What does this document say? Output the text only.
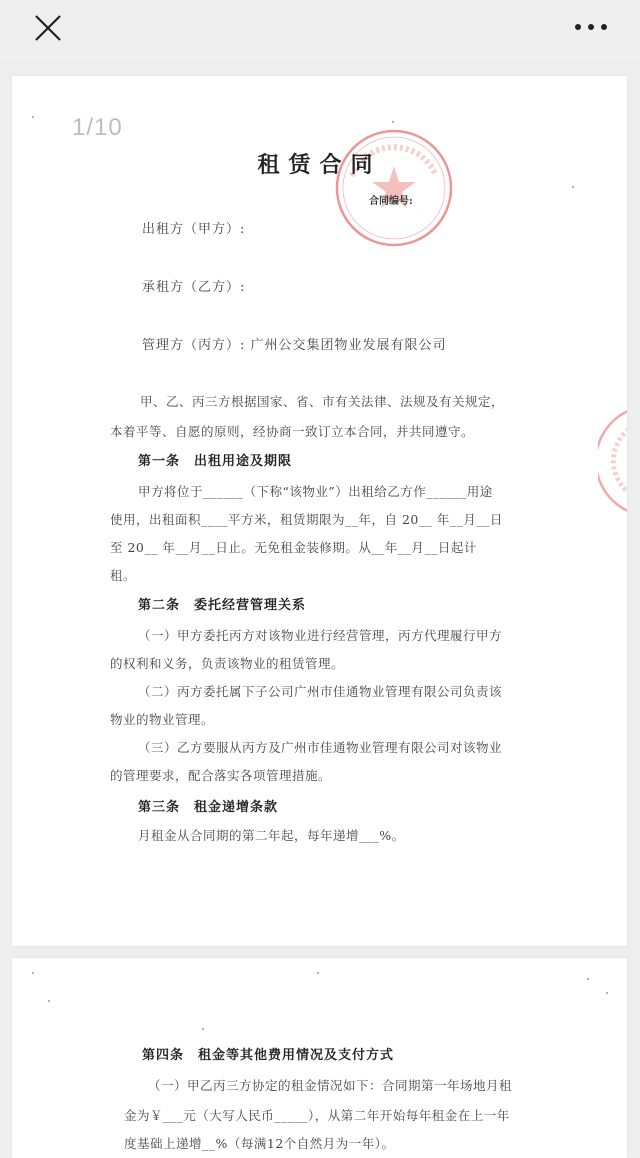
1/10
租赁合同
合同编号:
出租方（甲方）:
承租方（乙方）:
管理方（丙方）: 广州公交集团物业发展有限公司
甲、乙、丙三方根据国家、省、市有关法律、法规及有关规定，
本着平等、自愿的原则，经协商一致订立本合同，并共同遵守。
第一条　出租用途及期限
甲方将位于______（下称“该物业”）出租给乙方作______用途
使用，出租面积____平方米，租赁期限为__年，自 20__ 年__月__日
至 20__ 年__月__日止。无免租金装修期。从__年__月__日起计
租。
第二条　委托经营管理关系
（一）甲方委托丙方对该物业进行经营管理，丙方代理履行甲方
的权利和义务，负责该物业的租赁管理。
（二）丙方委托属下子公司广州市佳通物业管理有限公司负责该
物业的物业管理。
（三）乙方要服从丙方及广州市佳通物业管理有限公司对该物业
的管理要求，配合落实各项管理措施。
第三条　租金递增条款
月租金从合同期的第二年起，每年递增___%。
第四条　租金等其他费用情况及支付方式
（一）甲乙丙三方协定的租金情况如下：合同期第一年场地月租
金为￥___元（大写人民币_____），从第二年开始每年租金在上一年
度基础上递增__%（每满12个自然月为一年）。
